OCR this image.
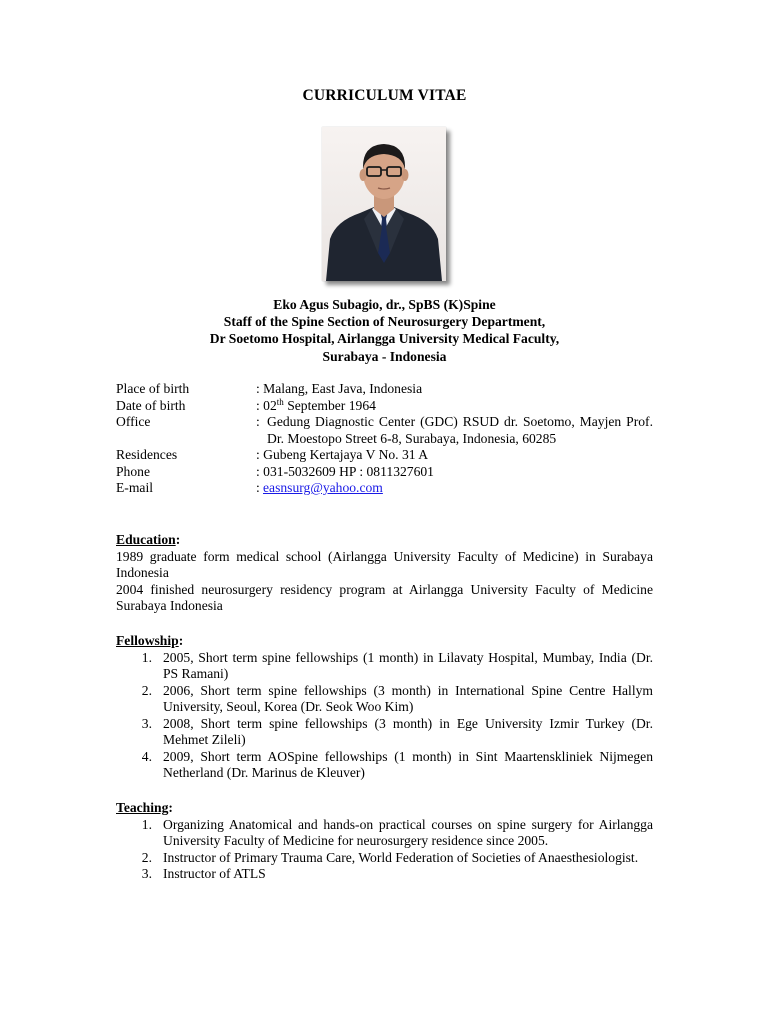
CURRICULUM VITAE
Eko Agus Subagio, dr., SpBS (K)Spine
Staff of the Spine Section of Neurosurgery Department,
Dr Soetomo Hospital, Airlangga University Medical Faculty,
Surabaya - Indonesia
Place of birth	: Malang, East Java, Indonesia
Date of birth	: 02th September 1964
Office	: Gedung Diagnostic Center (GDC) RSUD dr. Soetomo, Mayjen Prof. Dr. Moestopo Street 6-8, Surabaya, Indonesia, 60285
Residences	: Gubeng Kertajaya V No. 31 A
Phone	: 031-5032609 HP : 0811327601
E-mail	: easnsurg@yahoo.com
Education:
1989 graduate form medical school (Airlangga University Faculty of Medicine) in Surabaya Indonesia
2004 finished neurosurgery residency program at Airlangga University Faculty of Medicine Surabaya Indonesia
Fellowship:
1. 2005, Short term spine fellowships (1 month) in Lilavaty Hospital, Mumbay, India (Dr. PS Ramani)
2. 2006, Short term spine fellowships (3 month) in International Spine Centre Hallym University, Seoul, Korea (Dr. Seok Woo Kim)
3. 2008, Short term spine fellowships (3 month) in Ege University Izmir Turkey (Dr. Mehmet Zileli)
4. 2009, Short term AOSpine fellowships (1 month) in Sint Maartenskliniek Nijmegen Netherland (Dr. Marinus de Kleuver)
Teaching:
1. Organizing Anatomical and hands-on practical courses on spine surgery for Airlangga University Faculty of Medicine for neurosurgery residence since 2005.
2. Instructor of Primary Trauma Care, World Federation of Societies of Anaesthesiologist.
3. Instructor of ATLS
